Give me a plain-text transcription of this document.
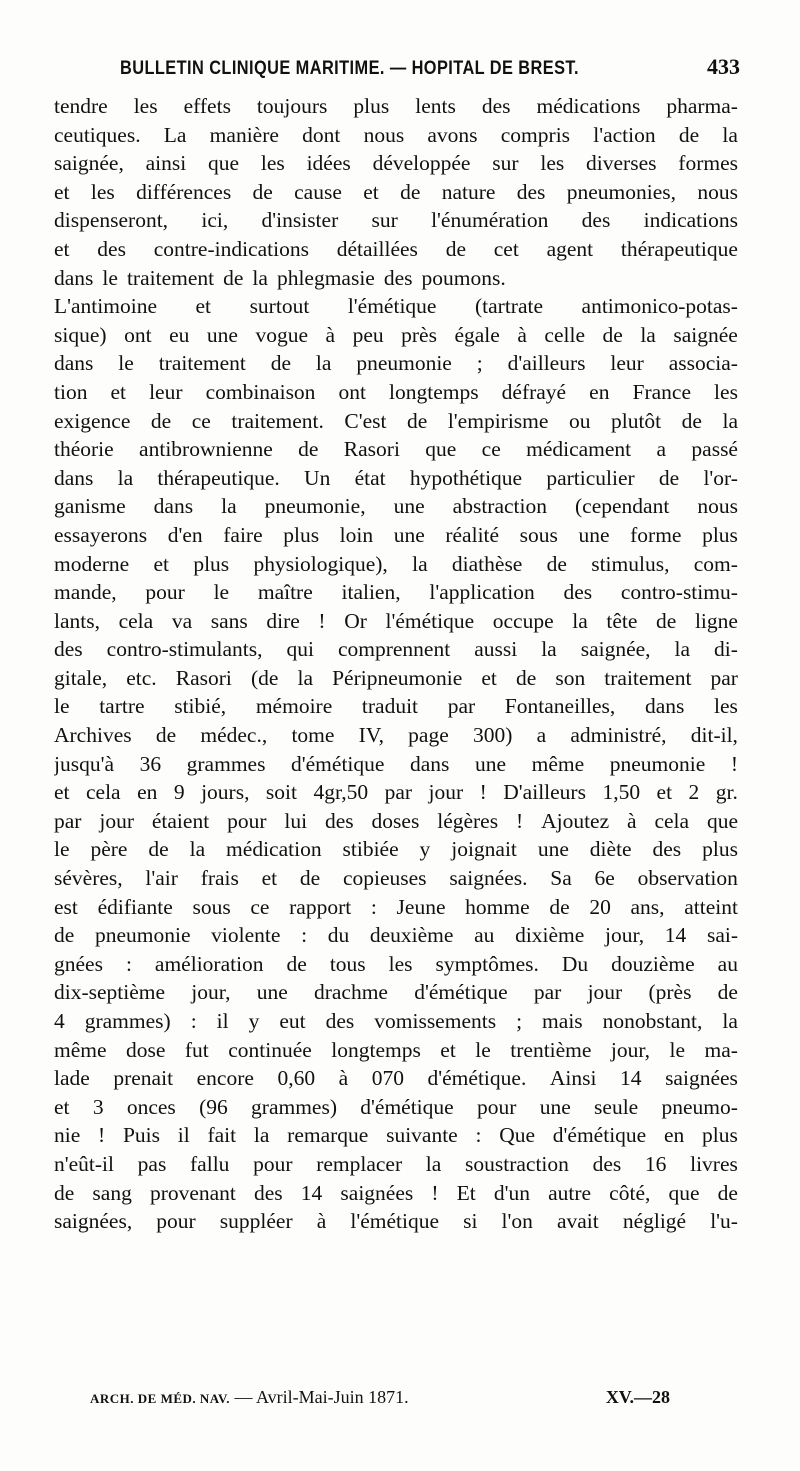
BULLETIN CLINIQUE MARITIME. — HOPITAL DE BREST.	433
tendre les effets toujours plus lents des médications pharma-
ceutiques. La manière dont nous avons compris l'action de la
saignée, ainsi que les idées développée sur les diverses formes
et les différences de cause et de nature des pneumonies, nous
dispenseront, ici, d'insister sur l'énumération des indications
et des contre-indications détaillées de cet agent thérapeutique
dans le traitement de la phlegmasie des poumons.
L'antimoine et surtout l'émétique (tartrate antimonico-potas-
sique) ont eu une vogue à peu près égale à celle de la saignée
dans le traitement de la pneumonie ; d'ailleurs leur associa-
tion et leur combinaison ont longtemps défrayé en France les
exigence de ce traitement. C'est de l'empirisme ou plutôt de la
théorie antibrownienne de Rasori que ce médicament a passé
dans la thérapeutique. Un état hypothétique particulier de l'or-
ganisme dans la pneumonie, une abstraction (cependant nous
essayerons d'en faire plus loin une réalité sous une forme plus
moderne et plus physiologique), la diathèse de stimulus, com-
mande, pour le maître italien, l'application des contro-stimu-
lants, cela va sans dire ! Or l'émétique occupe la tête de ligne
des contro-stimulants, qui comprennent aussi la saignée, la di-
gitale, etc. Rasori (de la Péripneumonie et de son traitement par
le tartre stibié, mémoire traduit par Fontaneilles, dans les
Archives de médec., tome IV, page 300) a administré, dit-il,
jusqu'à 36 grammes d'émétique dans une même pneumonie !
et cela en 9 jours, soit 4gr,50 par jour ! D'ailleurs 1,50 et 2 gr.
par jour étaient pour lui des doses légères ! Ajoutez à cela que
le père de la médication stibiée y joignait une diète des plus
sévères, l'air frais et de copieuses saignées. Sa 6e observation
est édifiante sous ce rapport : Jeune homme de 20 ans, atteint
de pneumonie violente : du deuxième au dixième jour, 14 sai-
gnées : amélioration de tous les symptômes. Du douzième au
dix-septième jour, une drachme d'émétique par jour (près de
4 grammes) : il y eut des vomissements ; mais nonobstant, la
même dose fut continuée longtemps et le trentième jour, le ma-
lade prenait encore 0,60 à 070 d'émétique. Ainsi 14 saignées
et 3 onces (96 grammes) d'émétique pour une seule pneumo-
nie ! Puis il fait la remarque suivante : Que d'émétique en plus
n'eût-il pas fallu pour remplacer la soustraction des 16 livres
de sang provenant des 14 saignées ! Et d'un autre côté, que de
saignées, pour suppléer à l'émétique si l'on avait négligé l'u-
ARCH. DE MÉD. NAV. — Avril-Mai-Juin 1871.	XV.—28
